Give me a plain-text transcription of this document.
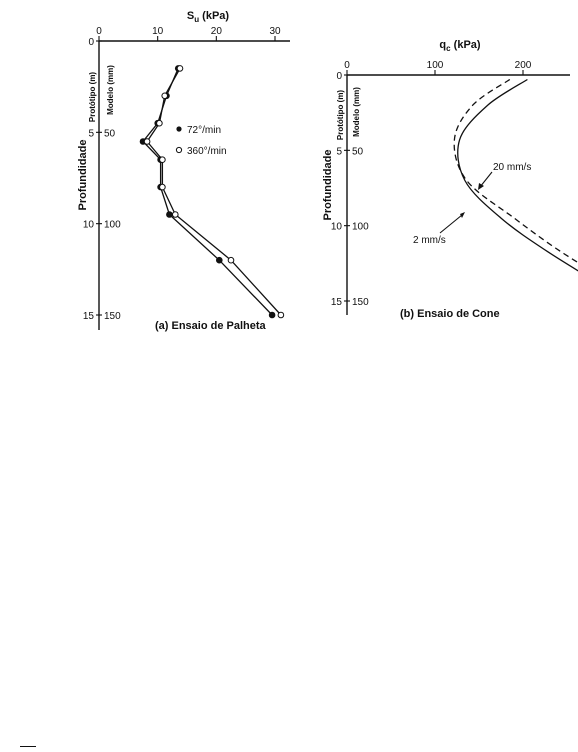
$S_u$ (kPa)
0	10	20	30
0
5 50
10 100
15 150
Protótipo (m) Modelo (mm)
Profundidade
72°/min
360°/min
(a) Ensaio de Palheta
$q_c$ (kPa)
0	100	200
0
5 50
10 100
15 150
Protótipo (m) Modelo (mm)
Profundidade	20 mm/s
2 mm/s
(b) Ensaio de Cone
